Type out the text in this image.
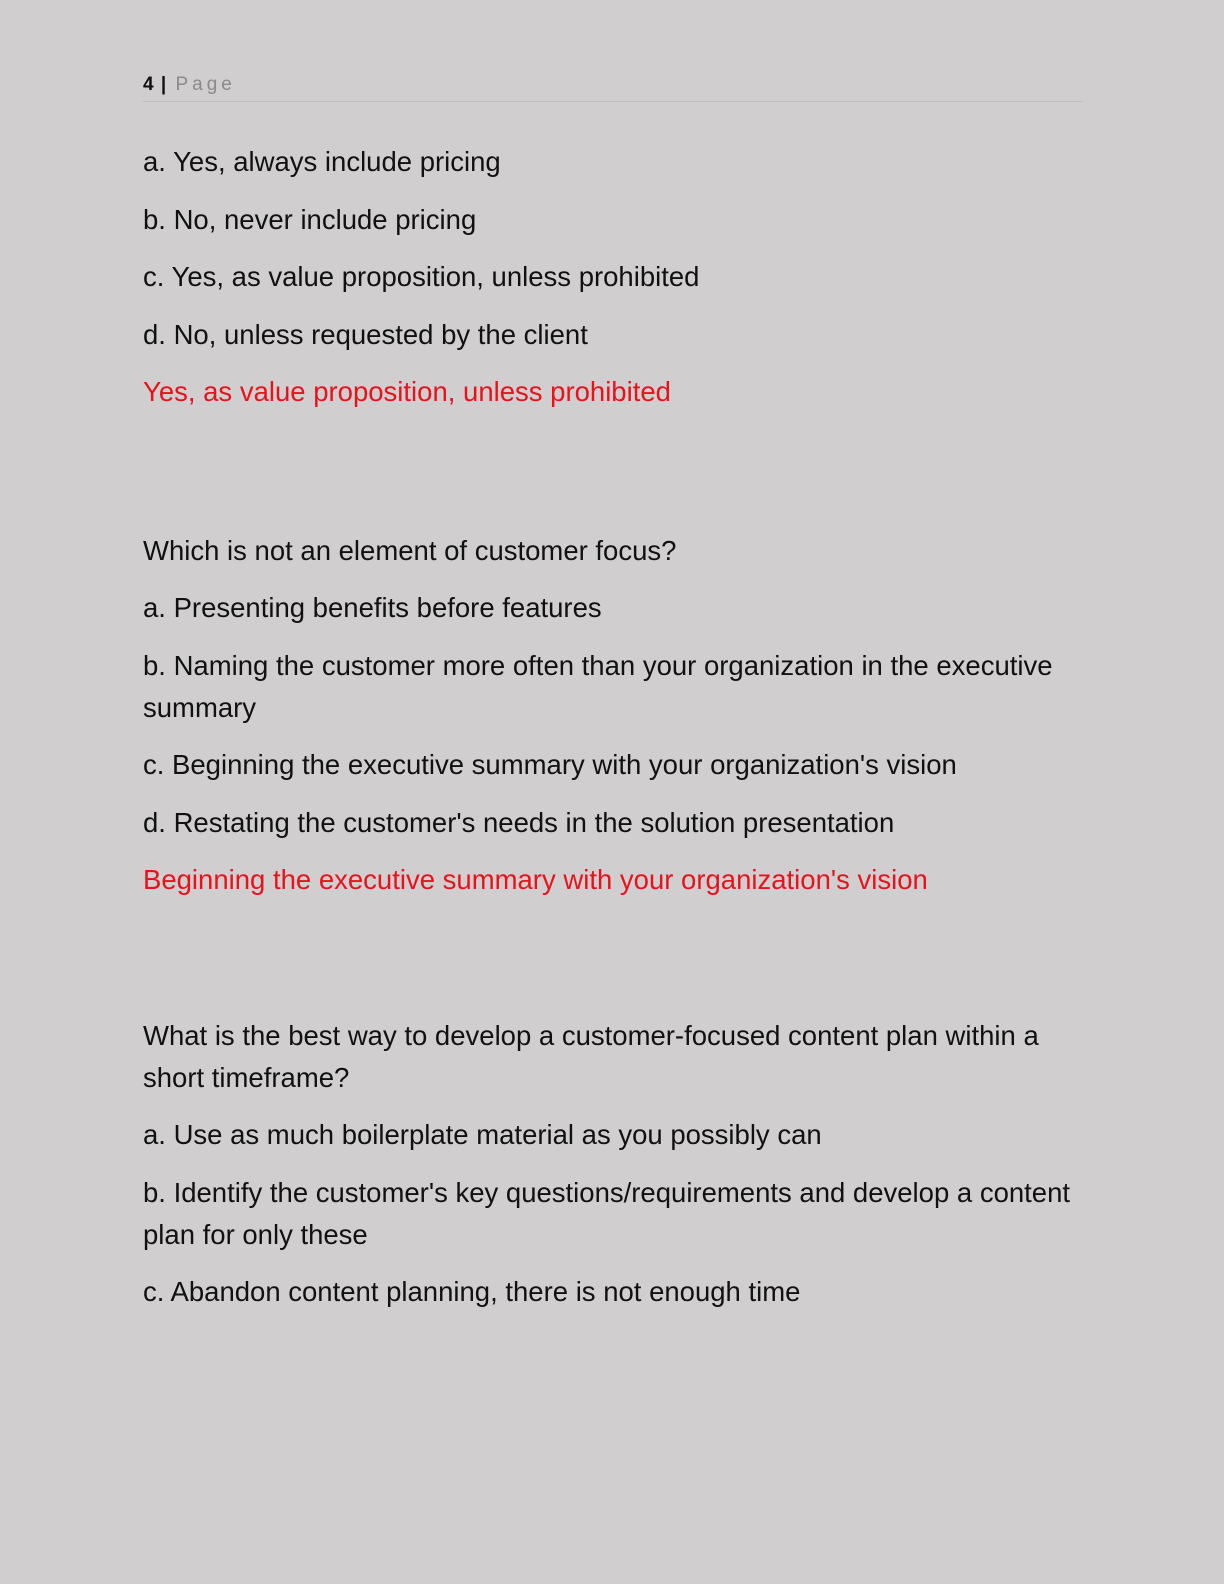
4 | Page
a. Yes, always include pricing
b. No, never include pricing
c. Yes, as value proposition, unless prohibited
d. No, unless requested by the client
Yes, as value proposition, unless prohibited
Which is not an element of customer focus?
a. Presenting benefits before features
b. Naming the customer more often than your organization in the executive summary
c. Beginning the executive summary with your organization's vision
d. Restating the customer's needs in the solution presentation
Beginning the executive summary with your organization's vision
What is the best way to develop a customer-focused content plan within a short timeframe?
a. Use as much boilerplate material as you possibly can
b. Identify the customer's key questions/requirements and develop a content plan for only these
c. Abandon content planning, there is not enough time
